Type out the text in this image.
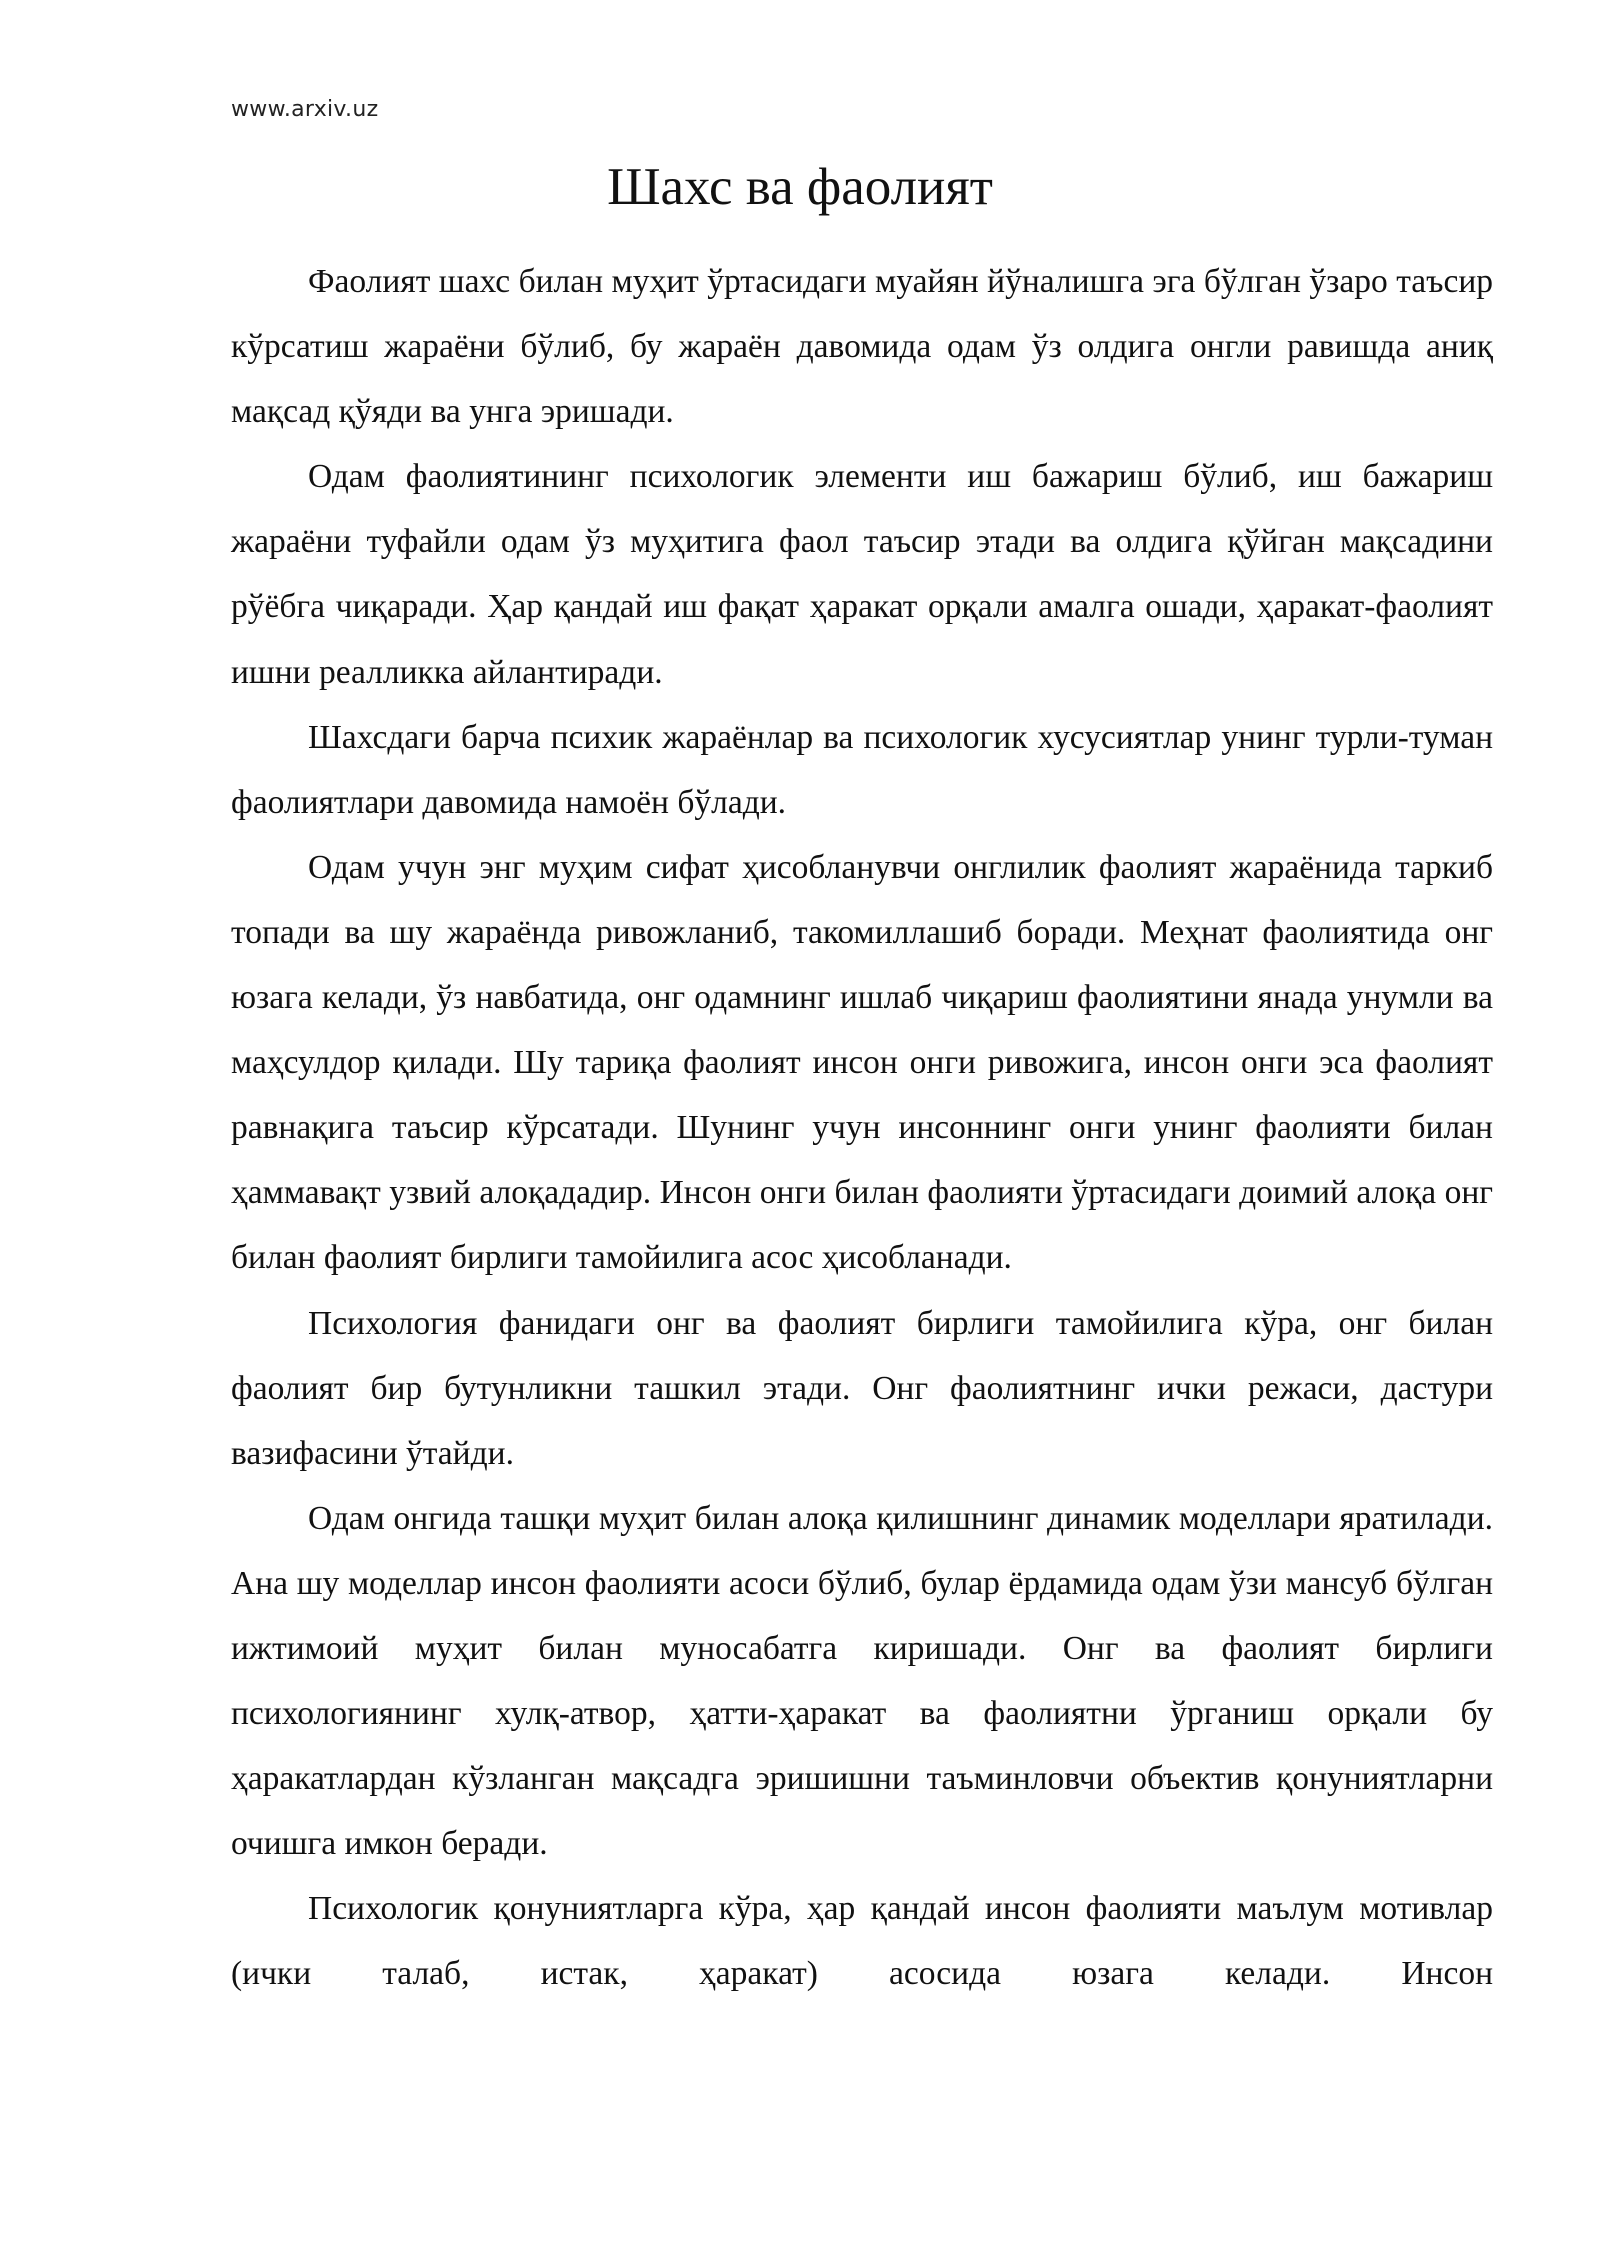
www.arxiv.uz
Шахс ва фаолият

Фаолият шахс билан муҳит ўртасидаги муайян йўналишга эга бўлган ўзаро таъсир кўрсатиш жараёни бўлиб, бу жараён давомида одам ўз олдига онгли равишда аниқ мақсад қўяди ва унга эришади.

Одам фаолиятининг психологик элементи иш бажариш бўлиб, иш бажариш жараёни туфайли одам ўз муҳитига фаол таъсир этади ва олдига қўйган мақсадини рўёбга чиқаради. Ҳар қандай иш фақат ҳаракат орқали амалга ошади, ҳаракат-фаолият ишни реалликка айлантиради.

Шахсдаги барча психик жараёнлар ва психологик хусусиятлар унинг турли-туман фаолиятлари давомида намоён бўлади.

Одам учун энг муҳим сифат ҳисобланувчи онглилик фаолият жараёнида таркиб топади ва шу жараёнда ривожланиб, такомиллашиб боради. Меҳнат фаолиятида онг юзага келади, ўз навбатида, онг одамнинг ишлаб чиқариш фаолиятини янада унумли ва маҳсулдор қилади. Шу тариқа фаолият инсон онги ривожига, инсон онги эса фаолият равнақига таъсир кўрсатади. Шунинг учун инсоннинг онги унинг фаолияти билан ҳаммавақт узвий алоқададир. Инсон онги билан фаолияти ўртасидаги доимий алоқа онг билан фаолият бирлиги тамойилига асос ҳисобланади.

Психология фанидаги онг ва фаолият бирлиги тамойилига кўра, онг билан фаолият бир бутунликни ташкил этади. Онг фаолиятнинг ички режаси, дастури вазифасини ўтайди.

Одам онгида ташқи муҳит билан алоқа қилишнинг динамик моделлари яратилади. Ана шу моделлар инсон фаолияти асоси бўлиб, булар ёрдамида одам ўзи мансуб бўлган ижтимоий муҳит билан муносабатга киришади. Онг ва фаолият бирлиги психологиянинг хулқ-атвор, ҳатти-ҳаракат ва фаолиятни ўрганиш орқали бу ҳаракатлардан кўзланган мақсадга эришишни таъминловчи объектив қонуниятларни очишга имкон беради.

Психологик қонуниятларга кўра, ҳар қандай инсон фаолияти маълум мотивлар (ички талаб, истак, ҳаракат) асосида юзага келади. Инсон
